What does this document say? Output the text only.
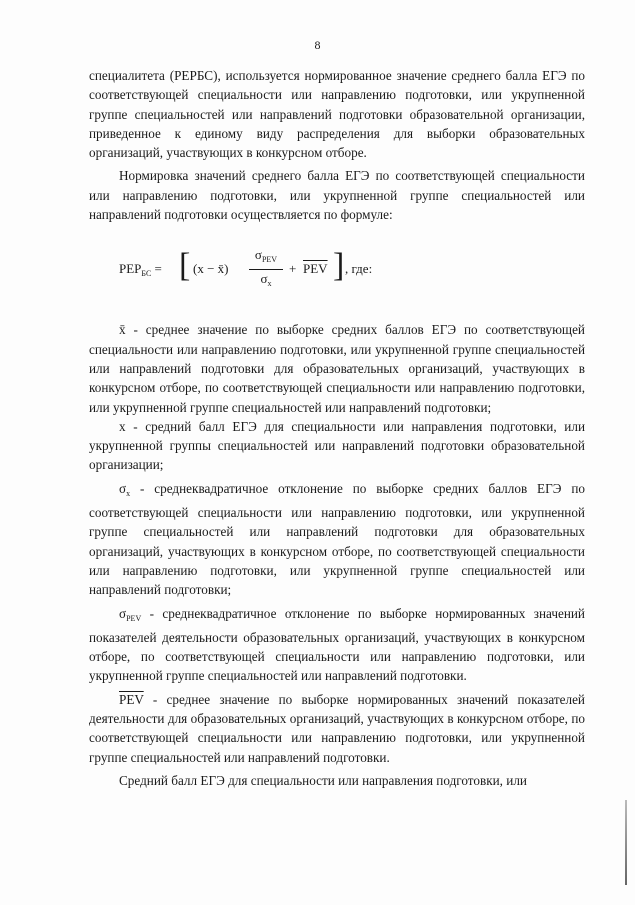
8

специалитета (PEPБС), используется нормированное значение среднего балла ЕГЭ по соответствующей специальности или направлению подготовки, или укрупненной группе специальностей или направлений подготовки образовательной организации, приведенное к единому виду распределения для выборки образовательных организаций, участвующих в конкурсном отборе.

Нормировка значений среднего балла ЕГЭ по соответствующей специальности или направлению подготовки, или укрупненной группе специальностей или направлений подготовки осуществляется по формуле:

$PEP_{БС}$ = [ (x − x̄)
$\sigma_{PEV}$
$\sigma_x$
+ $\overline{PEV}$ ] , где:

x̄ - среднее значение по выборке средних баллов ЕГЭ по соответствующей специальности или направлению подготовки, или укрупненной группе специальностей или направлений подготовки для образовательных организаций, участвующих в конкурсном отборе, по соответствующей специальности или направлению подготовки, или укрупненной группе специальностей или направлений подготовки;

x - средний балл ЕГЭ для специальности или направления подготовки, или укрупненной группы специальностей или направлений подготовки образовательной организации;

$\sigma_x$ - среднеквадратичное отклонение по выборке средних баллов ЕГЭ по соответствующей специальности или направлению подготовки, или укрупненной группе специальностей или направлений подготовки для образовательных организаций, участвующих в конкурсном отборе, по соответствующей специальности или направлению подготовки, или укрупненной группе специальностей или направлений подготовки;

$\sigma_{PEV}$ - среднеквадратичное отклонение по выборке нормированных значений показателей деятельности образовательных организаций, участвующих в конкурсном отборе, по соответствующей специальности или направлению подготовки, или укрупненной группе специальностей или направлений подготовки.

$\overline{PEV}$ - среднее значение по выборке нормированных значений показателей деятельности для образовательных организаций, участвующих в конкурсном отборе, по соответствующей специальности или направлению подготовки, или укрупненной группе специальностей или направлений подготовки.

Средний балл ЕГЭ для специальности или направления подготовки, или
